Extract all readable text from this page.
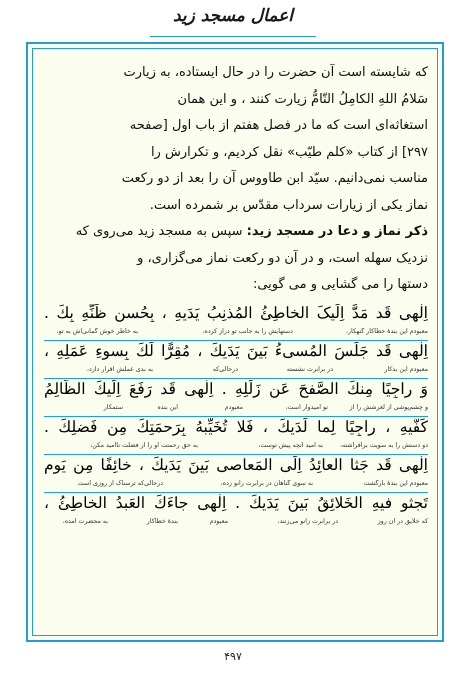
اعمال مسجد زید

که شایسته است آن حضرت را در حال ایستاده، به زیارت

سَلامُ اللهِ الکامِلُ التّامُّ زیارت کنند ، و این همان

استغاثه‌ای است که ما در فصل هفتم از باب اول [صفحه

۲۹۷] از کتاب «کلم طیّب» نقل کردیم، و تکرارش را

مناسب نمی‌دانیم. سیّد ابن طاووس آن را بعد از دو رکعت

نماز یکی از زیارات سرداب مقدّس بر شمرده است.

ذکر نماز و دعا در مسجد زید: سپس به مسجد زید می‌روی که

نزدیک سهله است، و در آن دو رکعت نماز می‌گزاری، و

دستها را می گشایی و می گویی:

اِلٰهی قَد مَدَّ اِلَیکَ الخاطِئُ المُذنِبُ یَدَیهِ ، بِحُسنِ ظَنِّهِ بِكَ .
معبودم این بندهٔ خطاکار گنهکار،
دستهایش را به جانب تو دراز کرده،
به خاطر خوش گمانی‌اش به تو،
اِلٰهی قَد جَلَسَ المُسیءُ بَینَ یَدَیكَ ، مُقِرًّا لَكَ بِسوءِ عَمَلِهِ ،
معبودم این بدکار
در برابرت نشسته
درحالی‌که
به بدی عملش اقرار دارد،
وَ راجِیًا مِنكَ الصَّفحَ عَن زَلَلِهِ . اِلٰهی قَد رَفَعَ اِلَیكَ الظّالِمُ
و چشم‌پوشی از لغزشش را از
تو امیدوار است،
معبودم
این بنده
ستمکار
كَفَّیهِ ، راجِیًا لِما لَدَیكَ ، فَلا تُخَیِّبهُ بِرَحمَتِكَ مِن فَضلِكَ .
دو دستش را به سویت برافراشته،
به امید آنچه پیش توست،
به حق رحمتت او را از فضلت ناامید مکن،
اِلٰهی قَد جَثا العائِدُ اِلَى المَعاصی بَینَ یَدَیكَ ، خائِفًا مِن یَومٍ
معبودم این بندهٔ بازگشت
به سوی گناهان در برابرت زانو زده،
درحالی‌که ترسناک از روزی است
تَجثو فیهِ الخَلائِقُ بَینَ یَدَیكَ . اِلٰهی جاءَكَ العَبدُ الخاطِئُ ،
که خلایق در آن روز
در برابرت زانو می‌زنند،
معبودم
بندهٔ خطاکار
به محضرت آمده،
۴۹۷
